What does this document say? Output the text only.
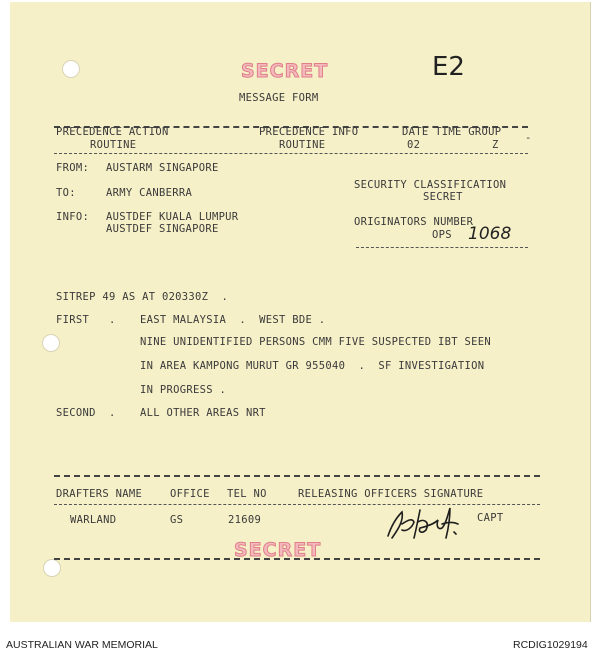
SECRET	E2
MESSAGE FORM
PRECEDENCE ACTION
ROUTINE
PRECEDENCE INFO
ROUTINE
DATE TIME GROUP
02	Z
-
FROM: AUSTARM SINGAPORE
TO:	ARMY CANBERRA
INFO: AUSTDEF KUALA LUMPUR
AUSTDEF SINGAPORE
SECURITY CLASSIFICATION
SECRET
ORIGINATORS NUMBER
OPS 1068
SITREP 49 AS AT 020330Z  .
FIRST   . EAST MALAYSIA  .  WEST BDE .
NINE UNIDENTIFIED PERSONS CMM FIVE SUSPECTED IBT SEEN
IN AREA KAMPONG MURUT GR 955040  .  SF INVESTIGATION
IN PROGRESS .
SECOND  . ALL OTHER AREAS NRT
DRAFTERS NAME	OFFICE TEL NO	RELEASING OFFICERS SIGNATURE
WARLAND	GS	21609	CAPT
SECRET
AUSTRALIAN WAR MEMORIAL	RCDIG1029194
